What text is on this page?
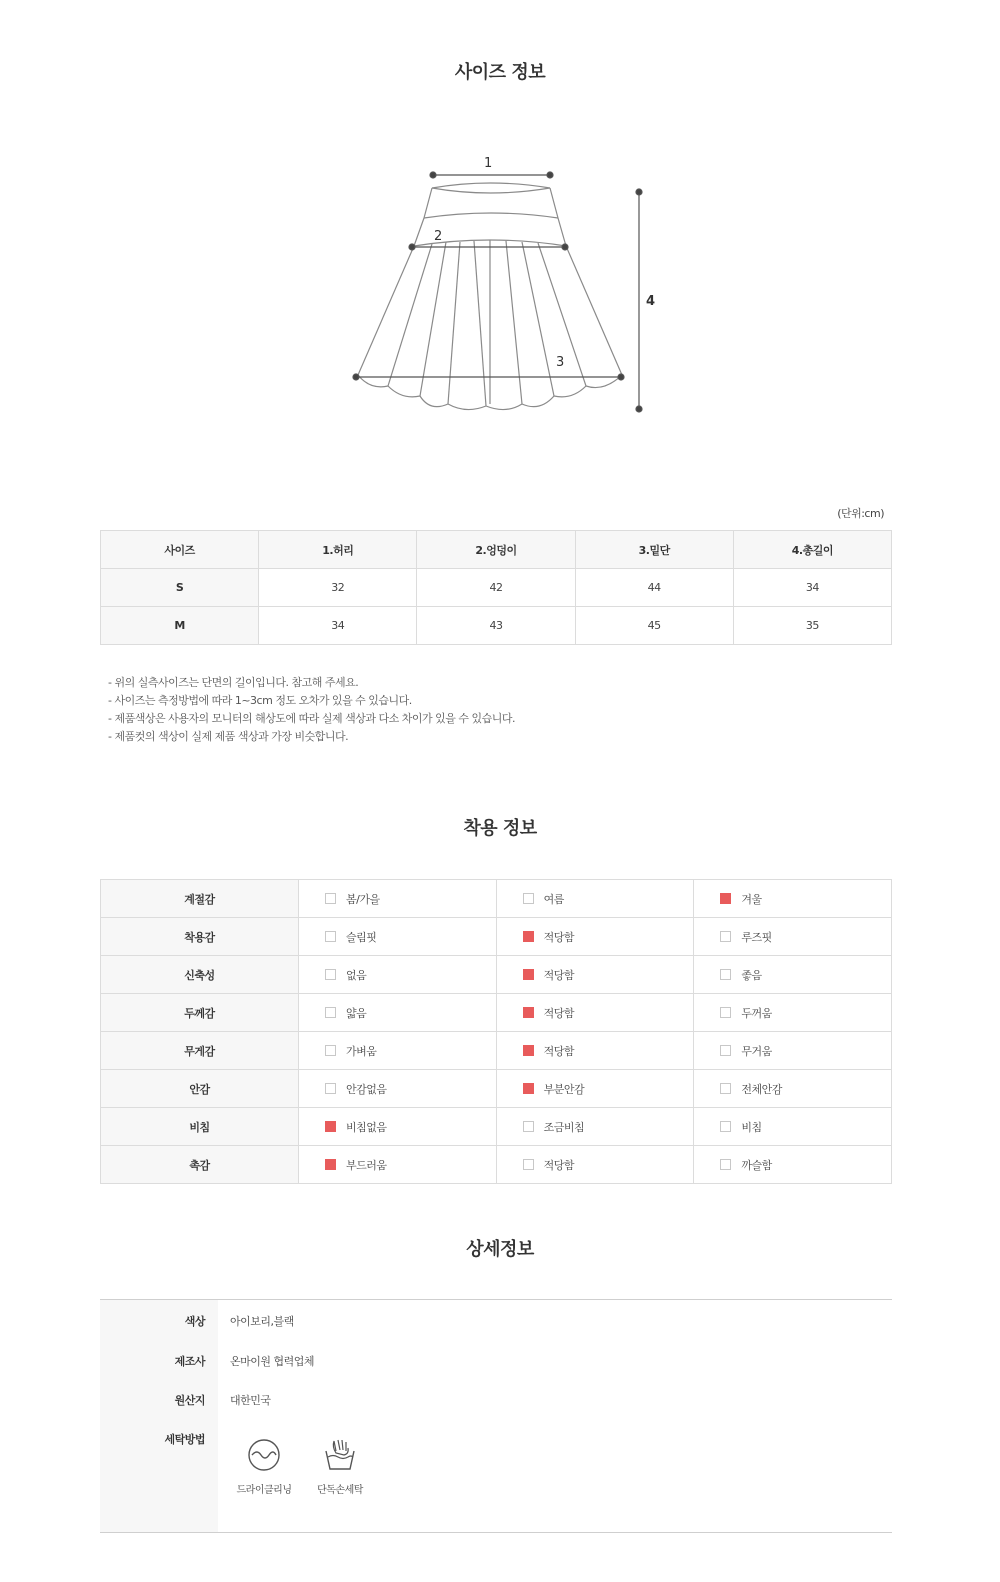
사이즈 정보
1
2
3
4
(단위:cm)
사이즈	1.허리	2.엉덩이	3.밑단	4.총길이
S	32	42	44	34
M	34	43	45	35
- 위의 실측사이즈는 단면의 길이입니다. 참고해 주세요.
- 사이즈는 측정방법에 따라 1~3cm 정도 오차가 있을 수 있습니다.
- 제품색상은 사용자의 모니터의 해상도에 따라 실제 색상과 다소 차이가 있을 수 있습니다.
- 제품컷의 색상이 실제 제품 색상과 가장 비슷합니다.
착용 정보
계절감	봄/가을	여름	겨울
착용감	슬림핏	적당함	루즈핏
신축성	없음	적당함	좋음
두께감	얇음	적당함	두꺼움
무게감	가벼움	적당함	무거움
안감	안감없음	부분안감	전체안감
비침	비침없음	조금비침	비침
촉감	부드러움	적당함	까슬함
상세정보
색상 아이보리,블랙
제조사 온마이원 협력업체
원산지 대한민국
세탁방법
드라이클리닝	단독손세탁
